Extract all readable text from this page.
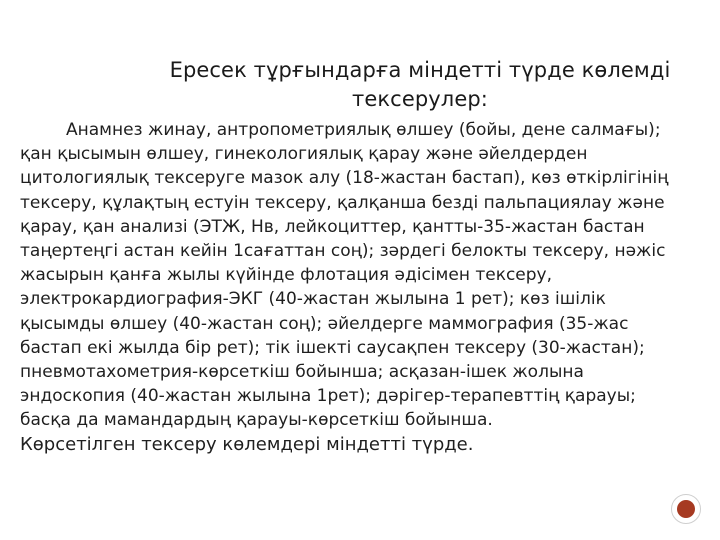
Ересек тұрғындарға міндетті түрде көлемді
тексерулер:
Анамнез жинау, антропометриялық өлшеу (бойы, дене салмағы);
қан қысымын өлшеу, гинекологиялық қарау және әйелдерден
цитологиялық тексеруге мазок алу (18-жастан бастап), көз өткірлігінің
тексеру, құлақтың естуін тексеру, қалқанша безді пальпациялау және
қарау, қан анализі (ЭТЖ, Нв, лейкоциттер, қантты-35-жастан бастан
таңертеңгі астан кейін 1сағаттан соң); зәрдегі белокты тексеру, нәжіс
жасырын қанға жылы күйінде флотация әдісімен тексеру,
электрокардиография-ЭКГ (40-жастан жылына 1 рет); көз ішілік
қысымды өлшеу (40-жастан соң); әйелдерге маммография (35-жас
бастап екі жылда бір рет); тік ішекті саусақпен тексеру (30-жастан);
пневмотахометрия-көрсеткіш бойынша; асқазан-ішек жолына
эндоскопия (40-жастан жылына 1рет); дәрігер-терапевттің қарауы;
басқа да мамандардың қарауы-көрсеткіш бойынша.
Көрсетілген тексеру көлемдері міндетті түрде.
